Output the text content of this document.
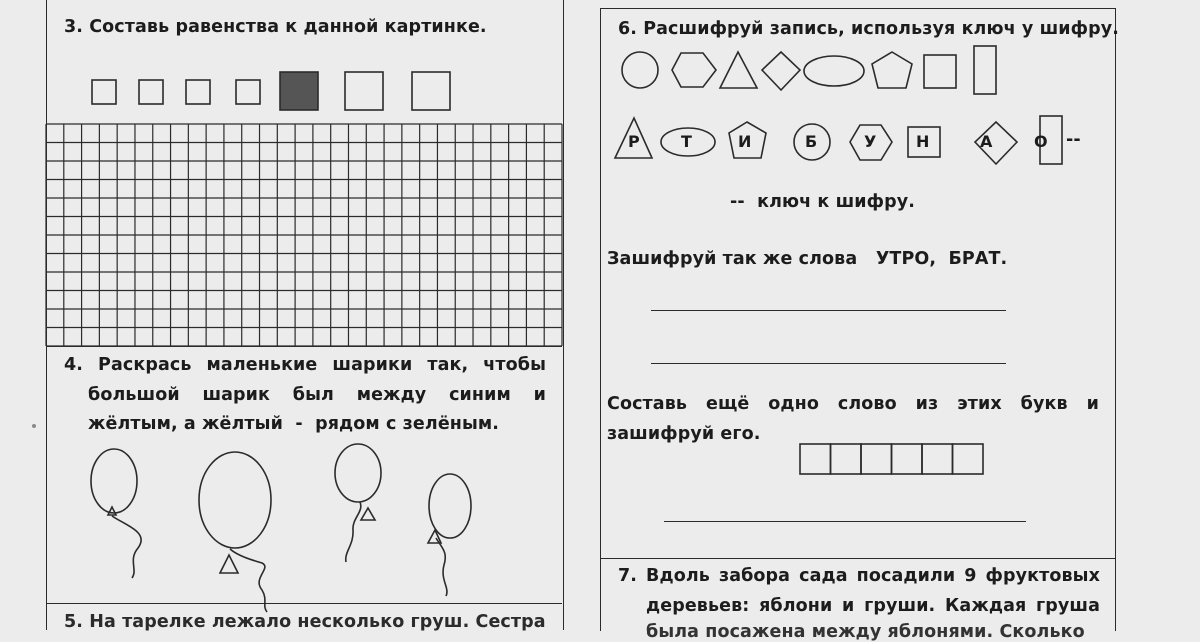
3. Составь равенства к данной картинке.
4. Раскрась маленькие шарики так, чтобы
большой шарик был между синим и
жёлтым, а жёлтый  -  рядом с зелёным.
5. На тарелке лежало несколько груш. Сестра
6. Расшифруй запись, используя ключ у шифру.
Р	Т	И	Б	У Н	А	О --
--  ключ к шифру.
Зашифруй так же слова   УТРО,  БРАТ.
Составь ещё одно слово из этих букв и
зашифруй его.
7. Вдоль забора сада посадили 9 фруктовых
деревьев: яблони и груши. Каждая груша
была посажена между яблонями. Сколько
